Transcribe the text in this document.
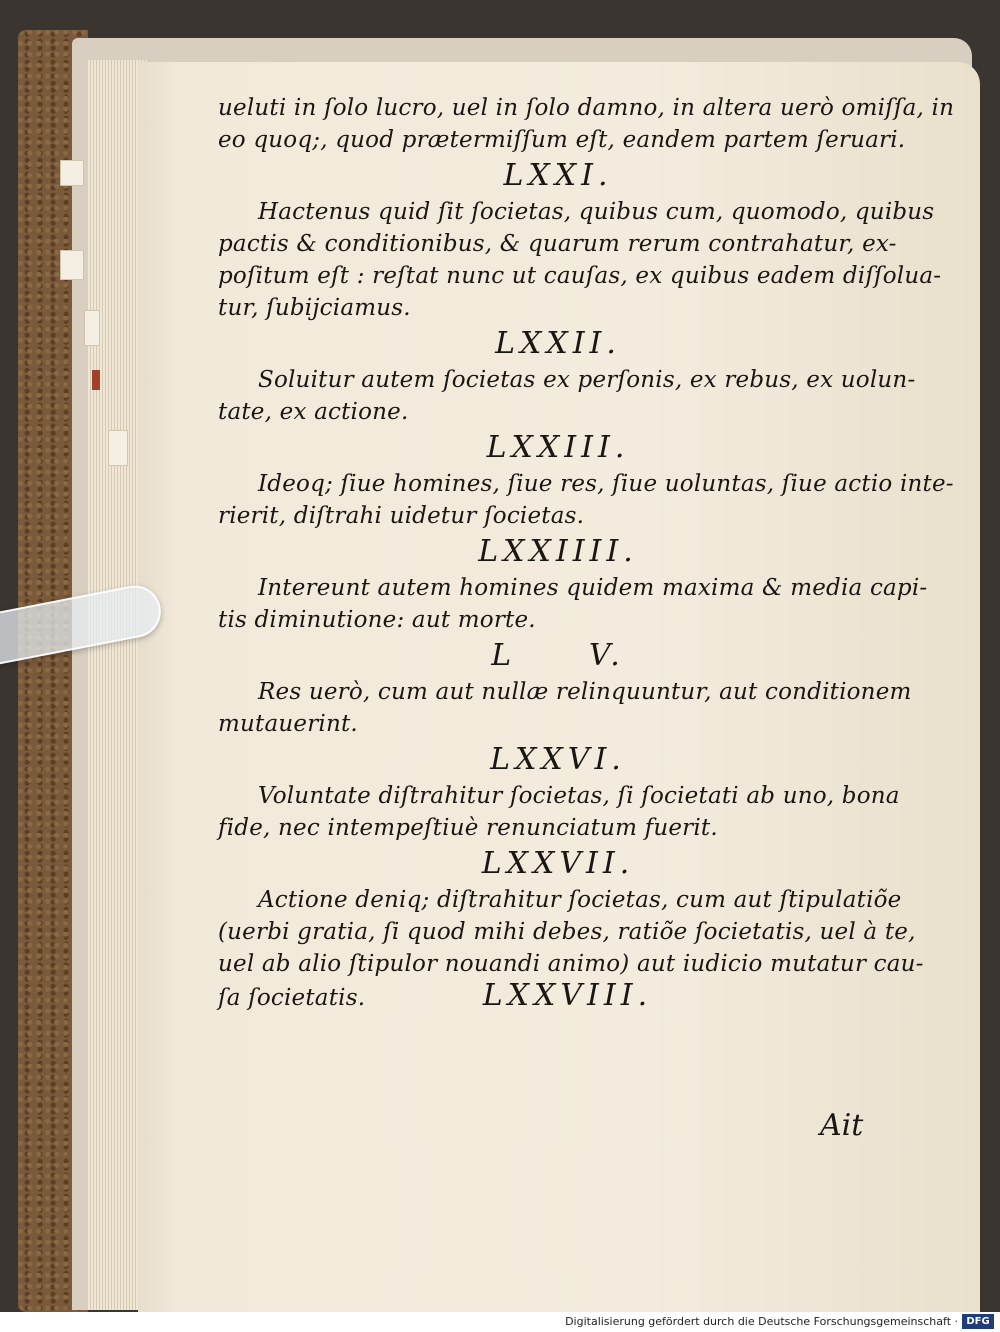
ueluti in ſolo lucro, uel in ſolo damno, in altera uerò omiſſa, in
eo quoq;, quod prætermiſſum eſt, eandem partem ſeruari.
LXXI.
Hactenus quid ſit ſocietas, quibus cum, quomodo, quibus
pactis & conditionibus, & quarum rerum contrahatur, ex-
poſitum eſt : reſtat nunc ut cauſas, ex quibus eadem diſſolua-
tur, ſubijciamus.
LXXII.
Soluitur autem ſocietas ex perſonis, ex rebus, ex uolun-
tate, ex actione.
LXXIII.
Ideoq; ſiue homines, ſiue res, ſiue uoluntas, ſiue actio inte-
rierit, diſtrahi uidetur ſocietas.
LXXIIII.
Intereunt autem homines quidem maxima & media capi-
tis diminutione: aut morte.
L     V.
Res uerò, cum aut nullæ relinquuntur, aut conditionem
mutauerint.
LXXVI.
Voluntate diſtrahitur ſocietas, ſi ſocietati ab uno, bona
fide, nec intempeſtiuè renunciatum fuerit.
LXXVII.
Actione deniq; diſtrahitur ſocietas, cum aut ſtipulatiõe
(uerbi gratia, ſi quod mihi debes, ratiõe ſocietatis, uel à te,
uel ab alio ſtipulor nouandi animo) aut iudicio mutatur cau-
ſa ſocietatis.	LXXVIII.
Ait
Digitalisierung gefördert durch die Deutsche Forschungsgemeinschaft · DFG
